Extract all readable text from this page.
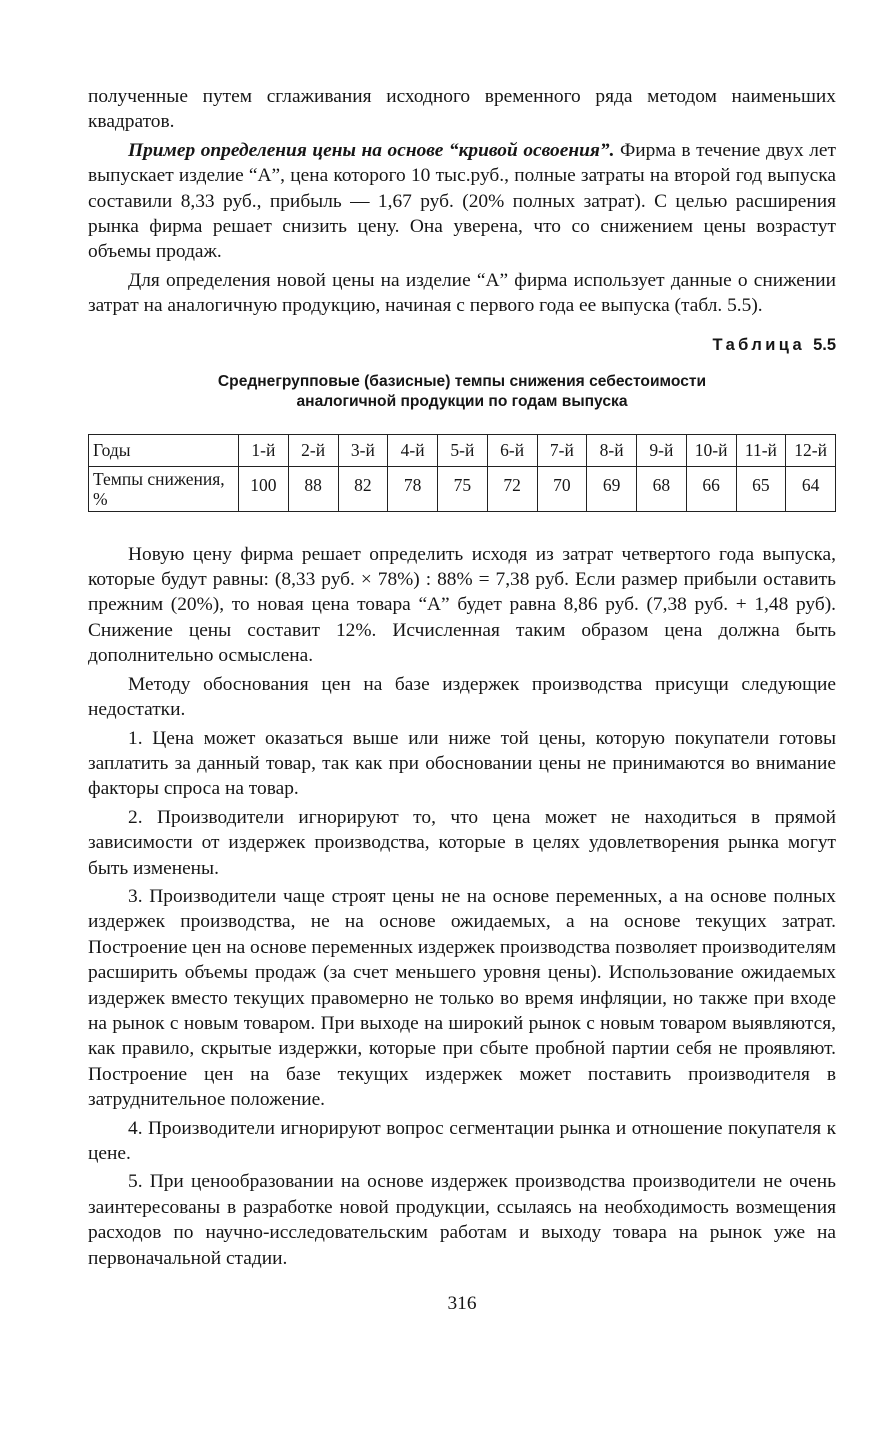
полученные путем сглаживания исходного временного ряда методом наименьших квадратов.

Пример определения цены на основе “кривой освоения”. Фирма в течение двух лет выпускает изделие “А”, цена которого 10 тыс.руб., полные затраты на второй год выпуска составили 8,33 руб., прибыль — 1,67 руб. (20% полных затрат). С целью расширения рынка фирма решает снизить цену. Она уверена, что со снижением цены возрастут объемы продаж.

Для определения новой цены на изделие “А” фирма использует данные о снижении затрат на аналогичную продукцию, начиная с первого года ее выпуска (табл. 5.5).

Таблица 5.5
Среднегрупповые (базисные) темпы снижения себестоимости
аналогичной продукции по годам выпуска
Годы	1-й	2-й	3-й	4-й	5-й	6-й	7-й	8-й	9-й	10-й	11-й	12-й
Темпы снижения, %	100	88	82	78	75	72	70	69	68	66	65	64

Новую цену фирма решает определить исходя из затрат четвертого года выпуска, которые будут равны: (8,33 руб. × 78%) : 88% = 7,38 руб. Если размер прибыли оставить прежним (20%), то новая цена товара “А” будет равна 8,86 руб. (7,38 руб. + 1,48 руб). Снижение цены составит 12%. Исчисленная таким образом цена должна быть дополнительно осмыслена.

Методу обоснования цен на базе издержек производства присущи следующие недостатки.

1. Цена может оказаться выше или ниже той цены, которую покупатели готовы заплатить за данный товар, так как при обосновании цены не принимаются во внимание факторы спроса на товар.

2. Производители игнорируют то, что цена может не находиться в прямой зависимости от издержек производства, которые в целях удовлетворения рынка могут быть изменены.

3. Производители чаще строят цены не на основе переменных, а на основе полных издержек производства, не на основе ожидаемых, а на основе текущих затрат. Построение цен на основе переменных издержек производства позволяет производителям расширить объемы продаж (за счет меньшего уровня цены). Использование ожидаемых издержек вместо текущих правомерно не только во время инфляции, но также при входе на рынок с новым товаром. При выходе на широкий рынок с новым товаром выявляются, как правило, скрытые издержки, которые при сбыте пробной партии себя не проявляют. Построение цен на базе текущих издержек может поставить производителя в затруднительное положение.

4. Производители игнорируют вопрос сегментации рынка и отношение покупателя к цене.

5. При ценообразовании на основе издержек производства производители не очень заинтересованы в разработке новой продукции, ссылаясь на необходимость возмещения расходов по научно-исследовательским работам и выходу товара на рынок уже на первоначальной стадии.

316
